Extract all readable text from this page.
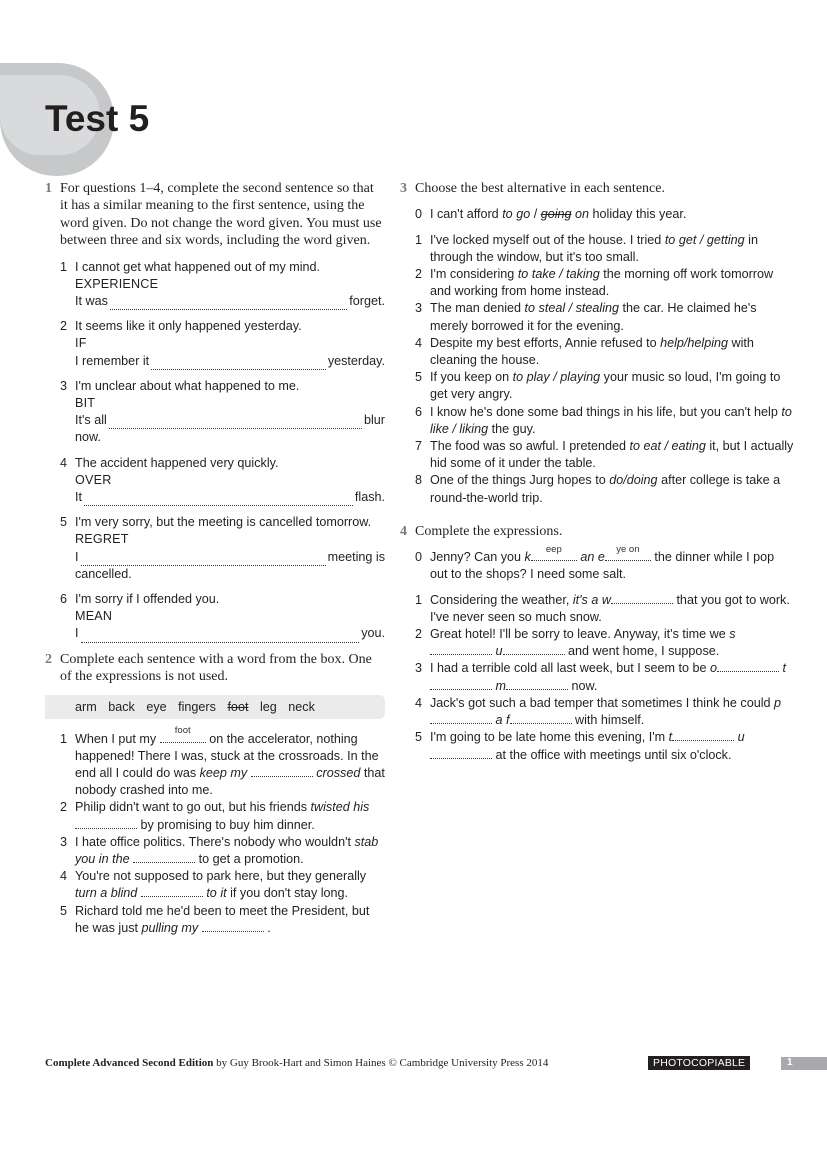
Test 5
1 For questions 1–4, complete the second sentence so that it has a similar meaning to the first sentence, using the word given. Do not change the word given. You must use between three and six words, including the word given.
1 I cannot get what happened out of my mind.
EXPERIENCE
It was	forget.
2 It seems like it only happened yesterday.
IF
I remember it	yesterday.
3 I'm unclear about what happened to me.
BIT
It's all	blur
now.
4 The accident happened very quickly.
OVER
It	flash.
5 I'm very sorry, but the meeting is cancelled tomorrow.
REGRET
I	meeting is
cancelled.
6 I'm sorry if I offended you.
MEAN
I	you.
2 Complete each sentence with a word from the box. One of the expressions is not used.
arm back eye fingers foot leg neck
1 When I put my
foot
on the accelerator, nothing happened! There I was, stuck at the crossroads. In the end all I could do was keep my	crossed that nobody crashed into me.
2 Philip didn't want to go out, but his friends twisted his  by promising to buy him dinner.
3 I hate office politics. There's nobody who wouldn't stab you in the	to get a promotion.
4 You're not supposed to park here, but they generally turn a blind	to it if you don't stay long.
5 Richard told me he'd been to meet the President, but he was just pulling my	.
3 Choose the best alternative in each sentence.
0 I can't afford to go / going on holiday this year.
1 I've locked myself out of the house. I tried to get / getting in through the window, but it's too small.
2 I'm considering to take / taking the morning off work tomorrow and working from home instead.
3 The man denied to steal / stealing the car. He claimed he's merely borrowed it for the evening.
4 Despite my best efforts, Annie refused to help/helping with cleaning the house.
5 If you keep on to play / playing your music so loud, I'm going to get very angry.
6 I know he's done some bad things in his life, but you can't help to like / liking the guy.
7 The food was so awful. I pretended to eat / eating it, but I actually hid some of it under the table.
8 One of the things Jurg hopes to do/doing after college is take a round-the-world trip.
4 Complete the expressions.
0 Jenny? Can you k
eep
an e
ye on
the dinner while I pop out to the shops? I need some salt.
1 Considering the weather, it's a w	that you got to work. I've never seen so much snow.
2 Great hotel! I'll be sorry to leave. Anyway, it's time we s u	and went home, I suppose.
3 I had a terrible cold all last week, but I seem to be o	t m	now.
4 Jack's got such a bad temper that sometimes I think he could p a f	with himself.
5 I'm going to be late home this evening, I'm t	u  at the office with meetings until six o'clock.
Complete Advanced Second Edition by Guy Brook-Hart and Simon Haines © Cambridge University Press 2014	PHOTOCOPIABLE	1
